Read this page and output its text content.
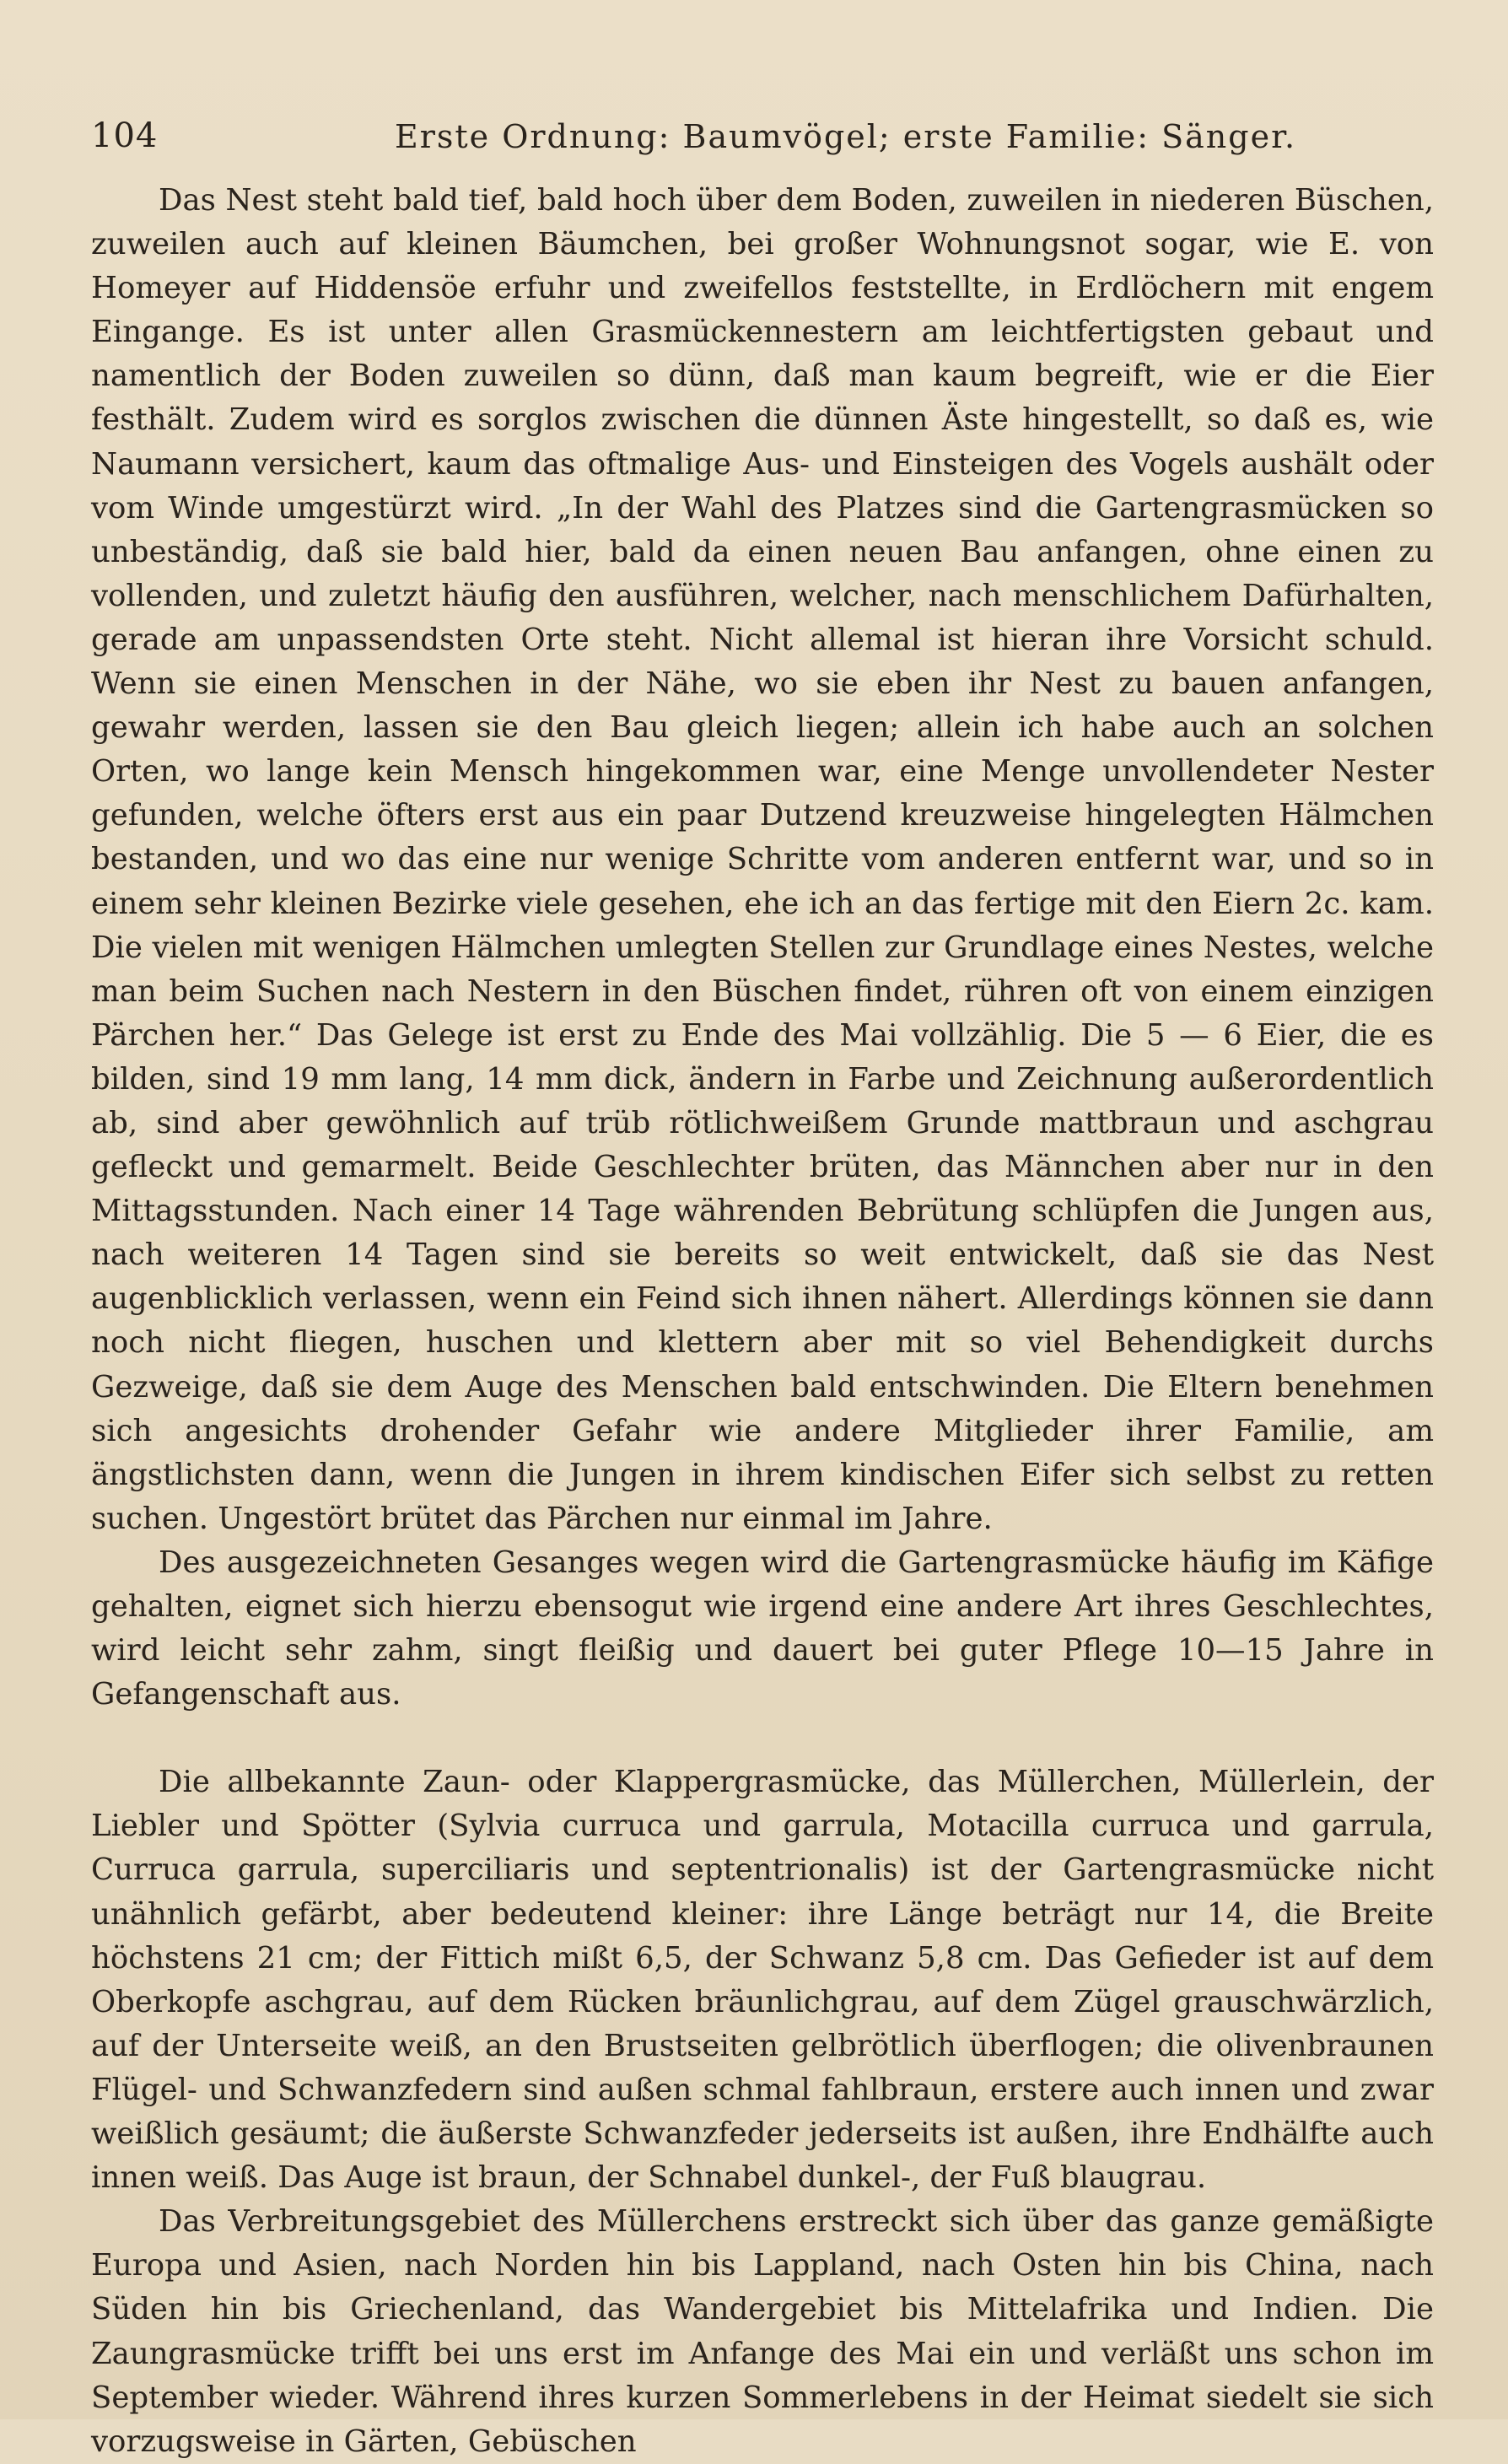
104	Erste Ordnung: Baumvögel; erste Familie: Sänger.

Das Nest steht bald tief, bald hoch über dem Boden, zuweilen in niederen Büschen, zuweilen auch auf kleinen Bäumchen, bei großer Wohnungsnot sogar, wie E. von Homeyer auf Hiddensöe erfuhr und zweifellos feststellte, in Erdlöchern mit engem Eingange. Es ist unter allen Grasmückennestern am leichtfertigsten gebaut und namentlich der Boden zuweilen so dünn, daß man kaum begreift, wie er die Eier festhält. Zudem wird es sorglos zwischen die dünnen Äste hingestellt, so daß es, wie Naumann versichert, kaum das oftmalige Aus- und Einsteigen des Vogels aushält oder vom Winde umgestürzt wird. „In der Wahl des Platzes sind die Gartengrasmücken so unbeständig, daß sie bald hier, bald da einen neuen Bau anfangen, ohne einen zu vollenden, und zuletzt häufig den ausführen, welcher, nach menschlichem Dafürhalten, gerade am unpassendsten Orte steht. Nicht allemal ist hieran ihre Vorsicht schuld. Wenn sie einen Menschen in der Nähe, wo sie eben ihr Nest zu bauen anfangen, gewahr werden, lassen sie den Bau gleich liegen; allein ich habe auch an solchen Orten, wo lange kein Mensch hingekommen war, eine Menge unvollendeter Nester gefunden, welche öfters erst aus ein paar Dutzend kreuzweise hingelegten Hälmchen bestanden, und wo das eine nur wenige Schritte vom anderen entfernt war, und so in einem sehr kleinen Bezirke viele gesehen, ehe ich an das fertige mit den Eiern 2c. kam. Die vielen mit wenigen Hälmchen umlegten Stellen zur Grundlage eines Nestes, welche man beim Suchen nach Nestern in den Büschen findet, rühren oft von einem einzigen Pärchen her.“ Das Gelege ist erst zu Ende des Mai vollzählig. Die 5 — 6 Eier, die es bilden, sind 19 mm lang, 14 mm dick, ändern in Farbe und Zeichnung außerordentlich ab, sind aber gewöhnlich auf trüb rötlichweißem Grunde mattbraun und aschgrau gefleckt und gemarmelt. Beide Geschlechter brüten, das Männchen aber nur in den Mittagsstunden. Nach einer 14 Tage währenden Bebrütung schlüpfen die Jungen aus, nach weiteren 14 Tagen sind sie bereits so weit entwickelt, daß sie das Nest augenblicklich verlassen, wenn ein Feind sich ihnen nähert. Allerdings können sie dann noch nicht fliegen, huschen und klettern aber mit so viel Behendigkeit durchs Gezweige, daß sie dem Auge des Menschen bald entschwinden. Die Eltern benehmen sich angesichts drohender Gefahr wie andere Mitglieder ihrer Familie, am ängstlichsten dann, wenn die Jungen in ihrem kindischen Eifer sich selbst zu retten suchen. Ungestört brütet das Pärchen nur einmal im Jahre.

Des ausgezeichneten Gesanges wegen wird die Gartengrasmücke häufig im Käfige gehalten, eignet sich hierzu ebensogut wie irgend eine andere Art ihres Geschlechtes, wird leicht sehr zahm, singt fleißig und dauert bei guter Pflege 10—15 Jahre in Gefangenschaft aus.

Die allbekannte Zaun- oder Klappergrasmücke, das Müllerchen, Müllerlein, der Liebler und Spötter (Sylvia curruca und garrula, Motacilla curruca und garrula, Curruca garrula, superciliaris und septentrionalis) ist der Gartengrasmücke nicht unähnlich gefärbt, aber bedeutend kleiner: ihre Länge beträgt nur 14, die Breite höchstens 21 cm; der Fittich mißt 6,5, der Schwanz 5,8 cm. Das Gefieder ist auf dem Oberkopfe aschgrau, auf dem Rücken bräunlichgrau, auf dem Zügel grauschwärzlich, auf der Unterseite weiß, an den Brustseiten gelbrötlich überflogen; die olivenbraunen Flügel- und Schwanzfedern sind außen schmal fahlbraun, erstere auch innen und zwar weißlich gesäumt; die äußerste Schwanzfeder jederseits ist außen, ihre Endhälfte auch innen weiß. Das Auge ist braun, der Schnabel dunkel-, der Fuß blaugrau.

Das Verbreitungsgebiet des Müllerchens erstreckt sich über das ganze gemäßigte Europa und Asien, nach Norden hin bis Lappland, nach Osten hin bis China, nach Süden hin bis Griechenland, das Wandergebiet bis Mittelafrika und Indien. Die Zaungrasmücke trifft bei uns erst im Anfange des Mai ein und verläßt uns schon im September wieder. Während ihres kurzen Sommerlebens in der Heimat siedelt sie sich vorzugsweise in Gärten, Gebüschen
